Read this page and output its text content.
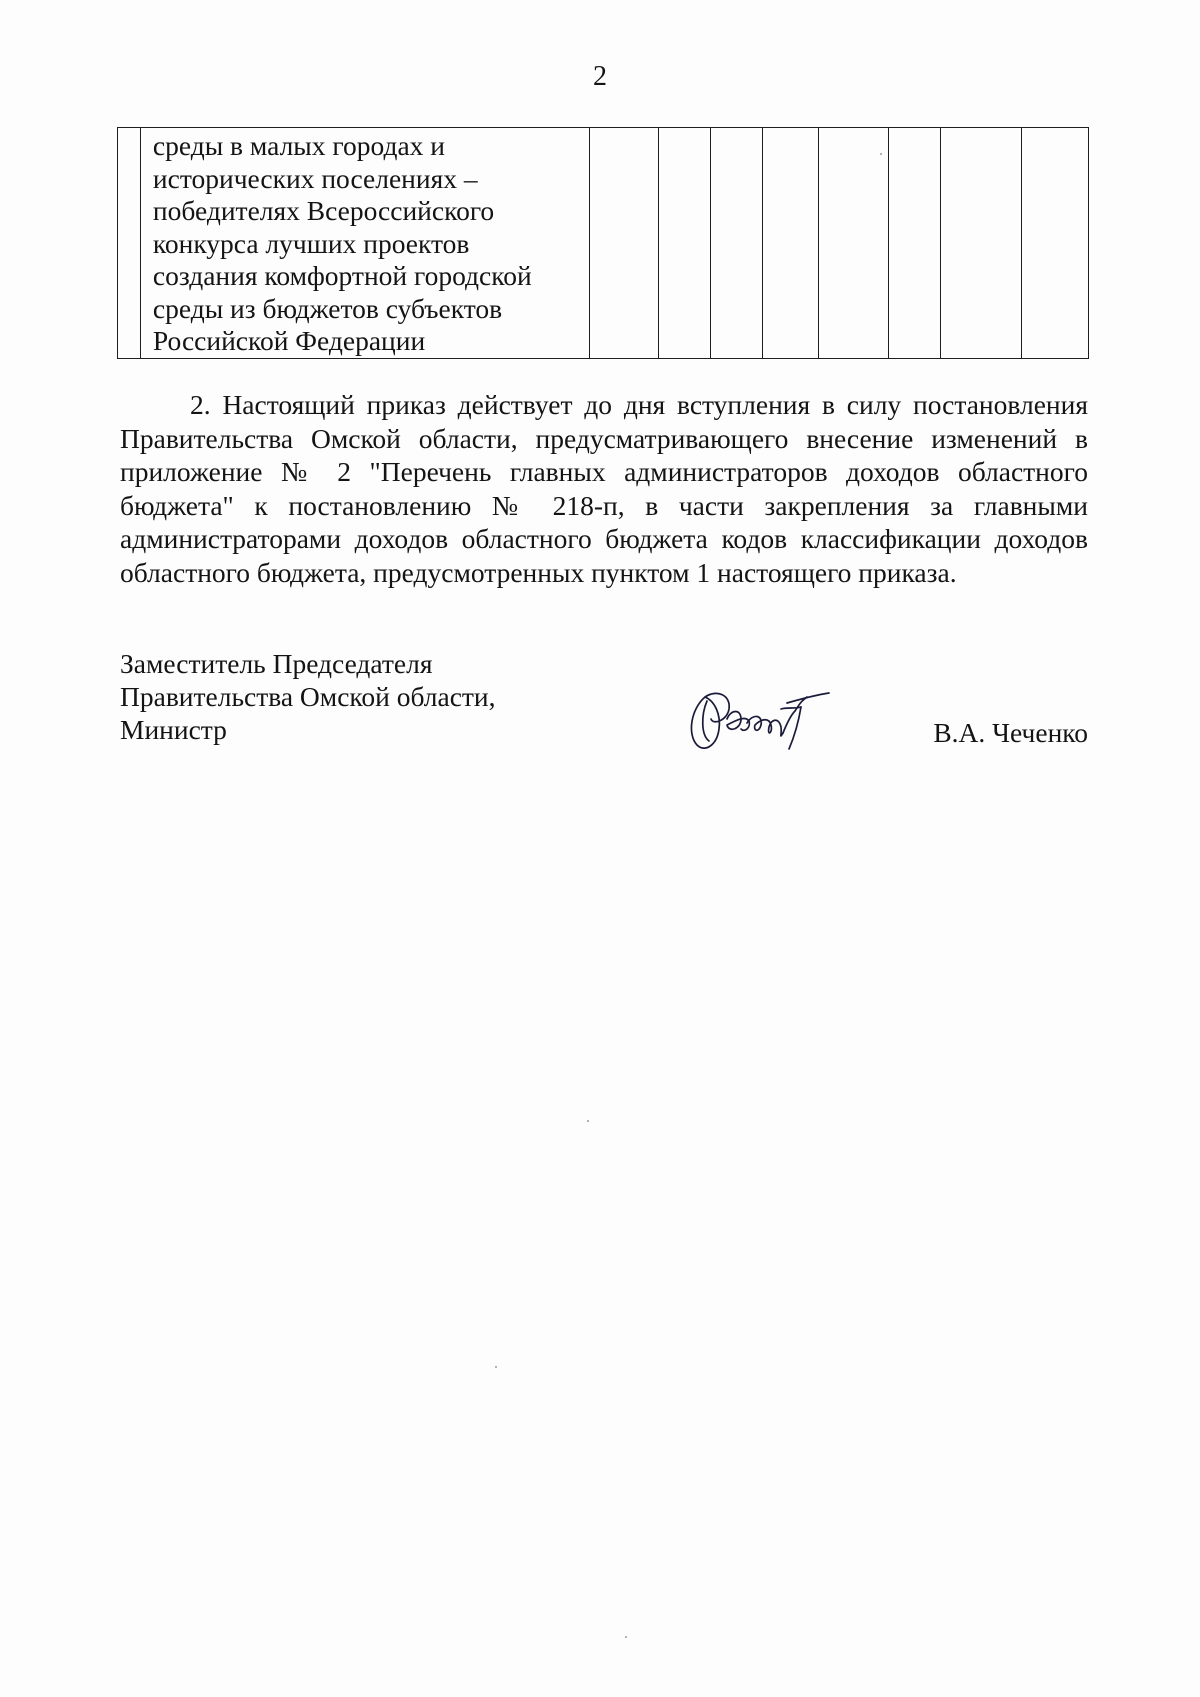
2

среды в малых городах и
исторических поселениях –
победителях Всероссийского
конкурса лучших проектов
создания комфортной городской
среды из бюджетов субъектов
Российской Федерации

2. Настоящий приказ действует до дня вступления в силу постановления Правительства Омской области, предусматривающего внесение изменений в приложение № 2 "Перечень главных администраторов доходов областного бюджета" к постановлению № 218-п, в части закрепления за главными администраторами доходов областного бюджета кодов классификации доходов областного бюджета, предусмотренных пунктом 1 настоящего приказа.

Заместитель Председателя
Правительства Омской области,
Министр	В.А. Чеченко
